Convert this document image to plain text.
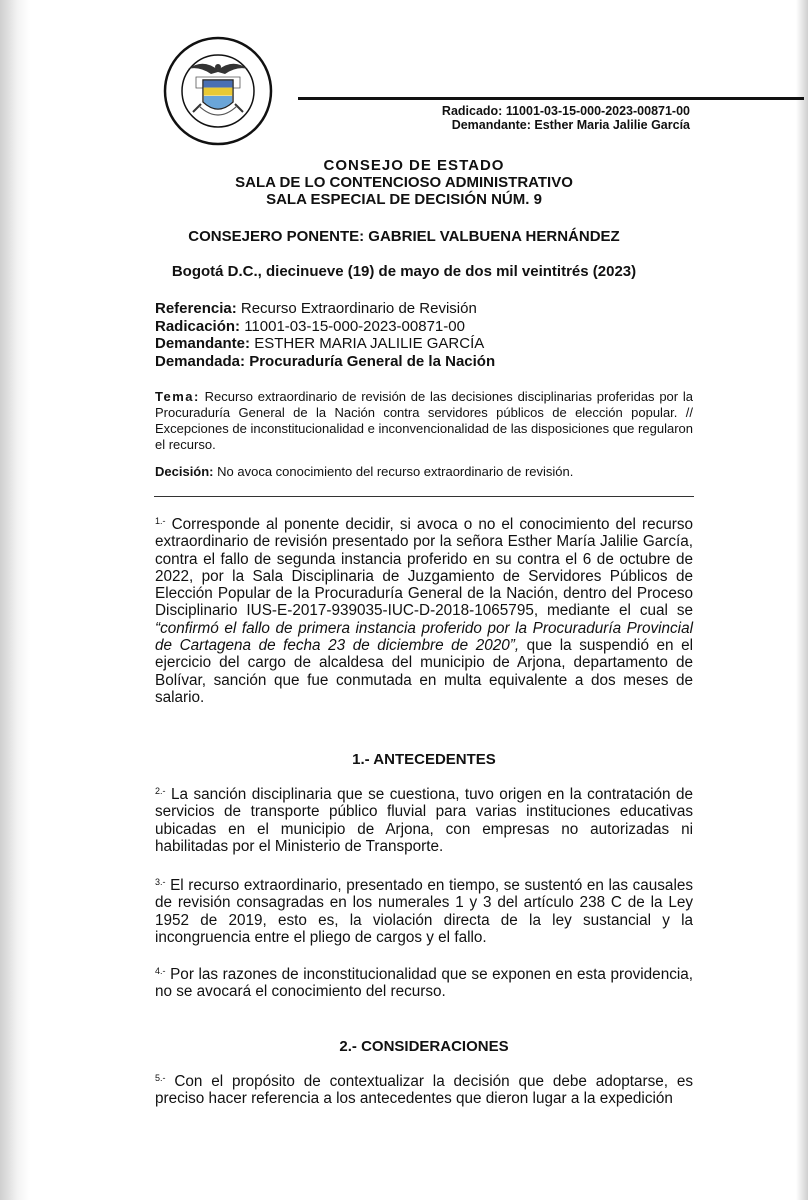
Radicado: 11001-03-15-000-2023-00871-00
Demandante: Esther Maria Jalilie García
CONSEJO DE ESTADO
SALA DE LO CONTENCIOSO ADMINISTRATIVO
SALA ESPECIAL DE DECISIÓN NÚM. 9
CONSEJERO PONENTE: GABRIEL VALBUENA HERNÁNDEZ
Bogotá D.C., diecinueve (19) de mayo de dos mil veintitrés (2023)
Referencia: Recurso Extraordinario de Revisión
Radicación: 11001-03-15-000-2023-00871-00
Demandante: ESTHER MARIA JALILIE GARCÍA
Demandada: Procuraduría General de la Nación
Tema: Recurso extraordinario de revisión de las decisiones disciplinarias proferidas por la Procuraduría General de la Nación contra servidores públicos de elección popular. // Excepciones de inconstitucionalidad e inconvencionalidad de las disposiciones que regularon el recurso.
Decisión: No avoca conocimiento del recurso extraordinario de revisión.
$^{1.-}$ Corresponde al ponente decidir, si avoca o no el conocimiento del recurso extraordinario de revisión presentado por la señora Esther María Jalilie García, contra el fallo de segunda instancia proferido en su contra el 6 de octubre de 2022, por la Sala Disciplinaria de Juzgamiento de Servidores Públicos de Elección Popular de la Procuraduría General de la Nación, dentro del Proceso Disciplinario IUS-E-2017-939035-IUC-D-2018-1065795, mediante el cual se “confirmó el fallo de primera instancia proferido por la Procuraduría Provincial de Cartagena de fecha 23 de diciembre de 2020”, que la suspendió en el ejercicio del cargo de alcaldesa del municipio de Arjona, departamento de Bolívar, sanción que fue conmutada en multa equivalente a dos meses de salario.
1.- ANTECEDENTES
$^{2.-}$ La sanción disciplinaria que se cuestiona, tuvo origen en la contratación de servicios de transporte público fluvial para varias instituciones educativas ubicadas en el municipio de Arjona, con empresas no autorizadas ni habilitadas por el Ministerio de Transporte.
$^{3.-}$ El recurso extraordinario, presentado en tiempo, se sustentó en las causales de revisión consagradas en los numerales 1 y 3 del artículo 238 C de la Ley 1952 de 2019, esto es, la violación directa de la ley sustancial y la incongruencia entre el pliego de cargos y el fallo.
$^{4.-}$ Por las razones de inconstitucionalidad que se exponen en esta providencia, no se avocará el conocimiento del recurso.
2.- CONSIDERACIONES
$^{5.-}$ Con el propósito de contextualizar la decisión que debe adoptarse, es preciso hacer referencia a los antecedentes que dieron lugar a la expedición
